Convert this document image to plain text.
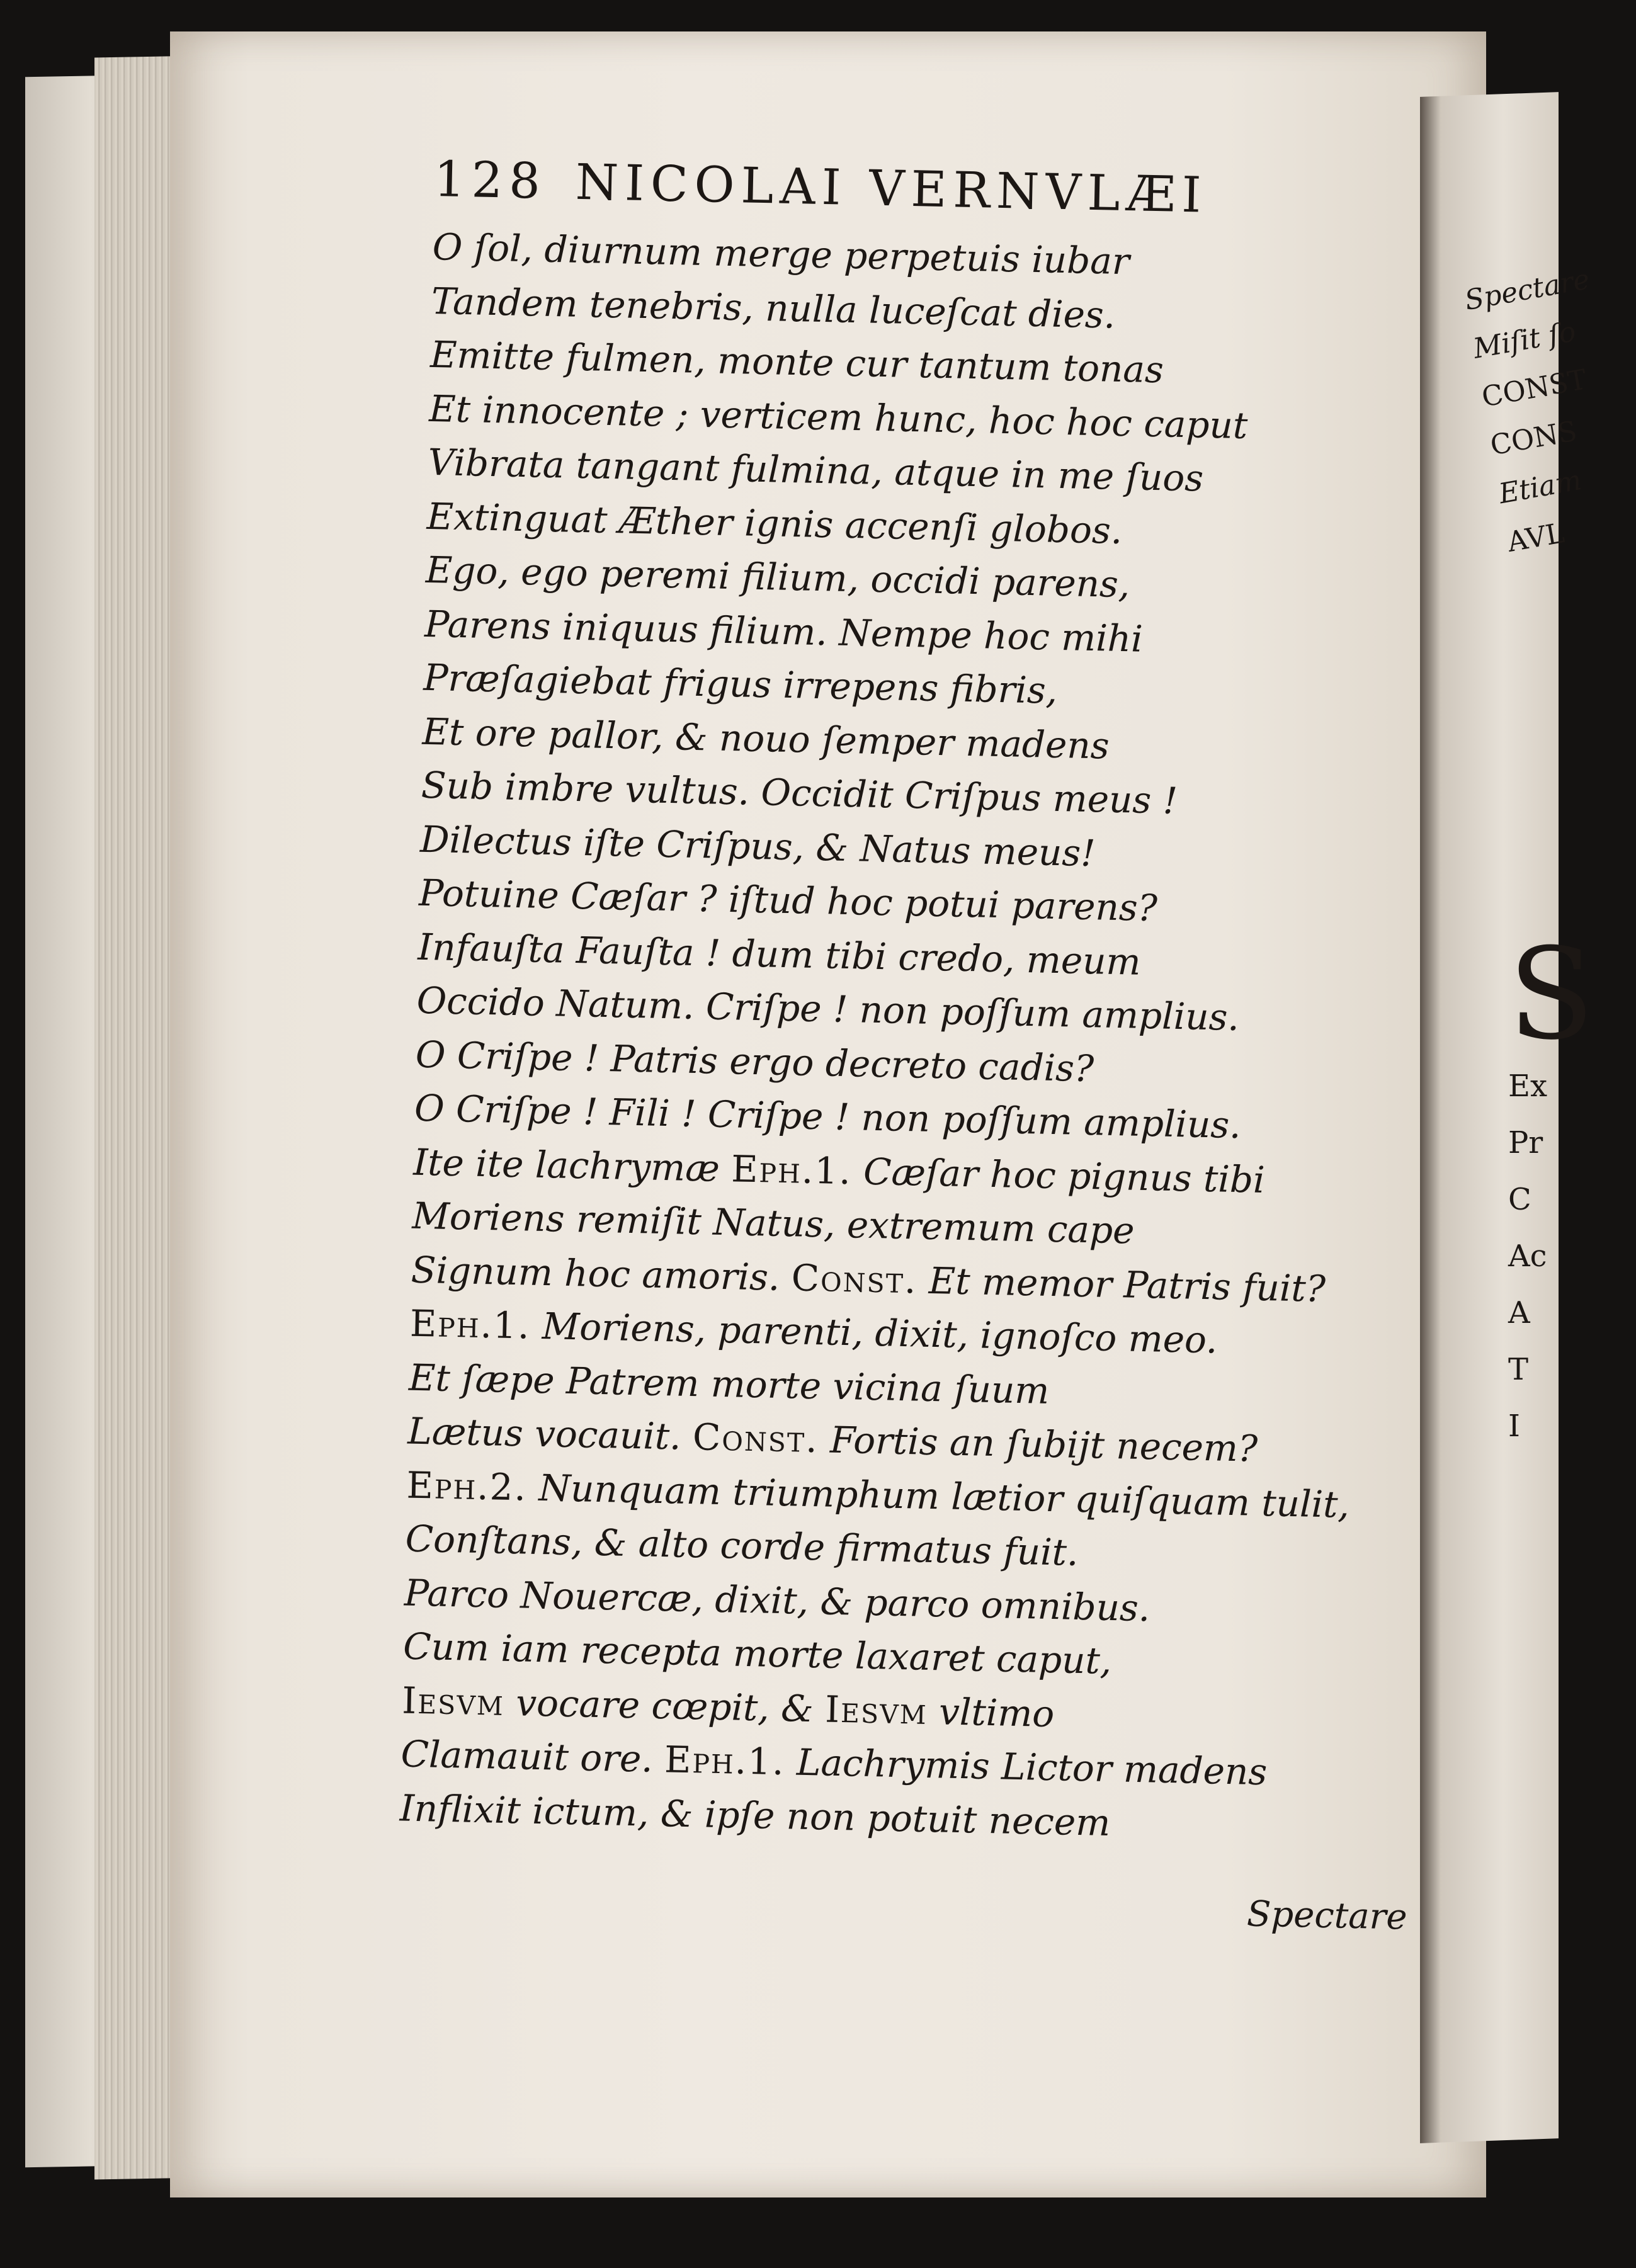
128 NICOLAI VERNVLÆI
O ſol, diurnum merge perpetuis iubar
Tandem tenebris, nulla luceſcat dies.
Emitte fulmen, monte cur tantum tonas
Et innocente ; verticem hunc, hoc hoc caput
Vibrata tangant fulmina, atque in me ſuos
Extinguat Æther ignis accenſi globos.
Ego, ego peremi filium, occidi parens,
Parens iniquus filium. Nempe hoc mihi
Præſagiebat frigus irrepens fibris,
Et ore pallor, & nouo ſemper madens
Sub imbre vultus. Occidit Criſpus meus !
Dilectus iſte Criſpus, & Natus meus!
Potuine Cæſar ? iſtud hoc potui parens?
Infauſta Fauſta ! dum tibi credo, meum
Occido Natum. Criſpe ! non poſſum amplius.
O Criſpe ! Patris ergo decreto cadis?
O Criſpe ! Fili ! Criſpe ! non poſſum amplius.
Ite ite lachrymæ Eph.1. Cæſar hoc pignus tibi
Moriens remiſit Natus, extremum cape
Signum hoc amoris. Const. Et memor Patris fuit?
Eph.1. Moriens, parenti, dixit, ignoſco meo.
Et ſæpe Patrem morte vicina ſuum
Lætus vocauit. Const. Fortis an ſubijt necem?
Eph.2. Nunquam triumphum lætior quiſquam tulit,
Conſtans, & alto corde firmatus fuit.
Parco Nouercæ, dixit, & parco omnibus.
Cum iam recepta morte laxaret caput,
Iesvm vocare cœpit, & Iesvm vltimo
Clamauit ore. Eph.1. Lachrymis Lictor madens
Inflixit ictum, & ipſe non potuit necem
Spectare
Spectare
Miſit ſo
CONST
CONS
Etiam
AVL
S
Ex
Pr
C
Ac
A
T
I
